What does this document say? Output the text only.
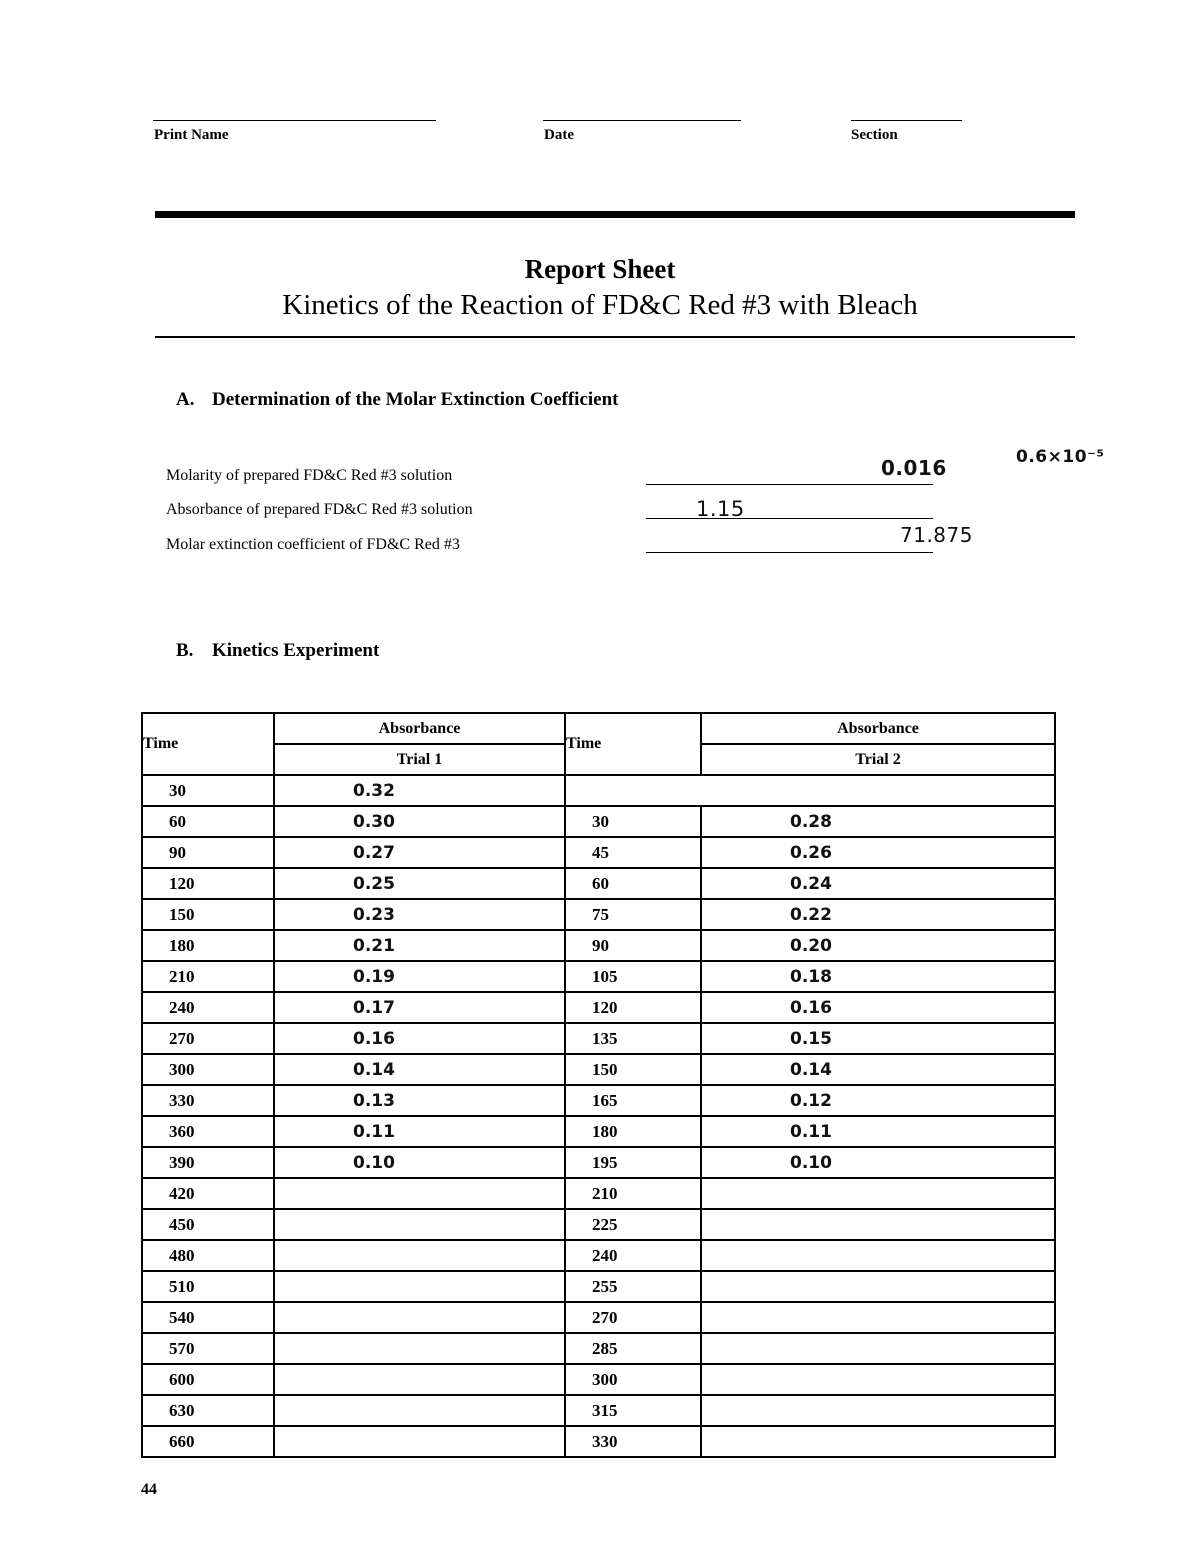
Print Name	Date	Section
Report Sheet
Kinetics of the Reaction of FD&C Red #3 with Bleach
A. Determination of the Molar Extinction Coefficient
Molarity of prepared FD&C Red #3 solution	0.016
Absorbance of prepared FD&C Red #3 solution	1.15
Molar extinction coefficient of FD&C Red #3	71.875
0.6×10⁻⁵
B. Kinetics Experiment
Time	Absorbance	Time	Absorbance
	Trial 1		Trial 2
30	0.32		
60	0.30	30	0.28
90	0.27	45	0.26
120	0.25	60	0.24
150	0.23	75	0.22
180	0.21	90	0.20
210	0.19	105	0.18
240	0.17	120	0.16
270	0.16	135	0.15
300	0.14	150	0.14
330	0.13	165	0.12
360	0.11	180	0.11
390	0.10	195	0.10
420		210	
450		225	
480		240	
510		255	
540		270	
570		285	
600		300	
630		315	
660		330	
44
